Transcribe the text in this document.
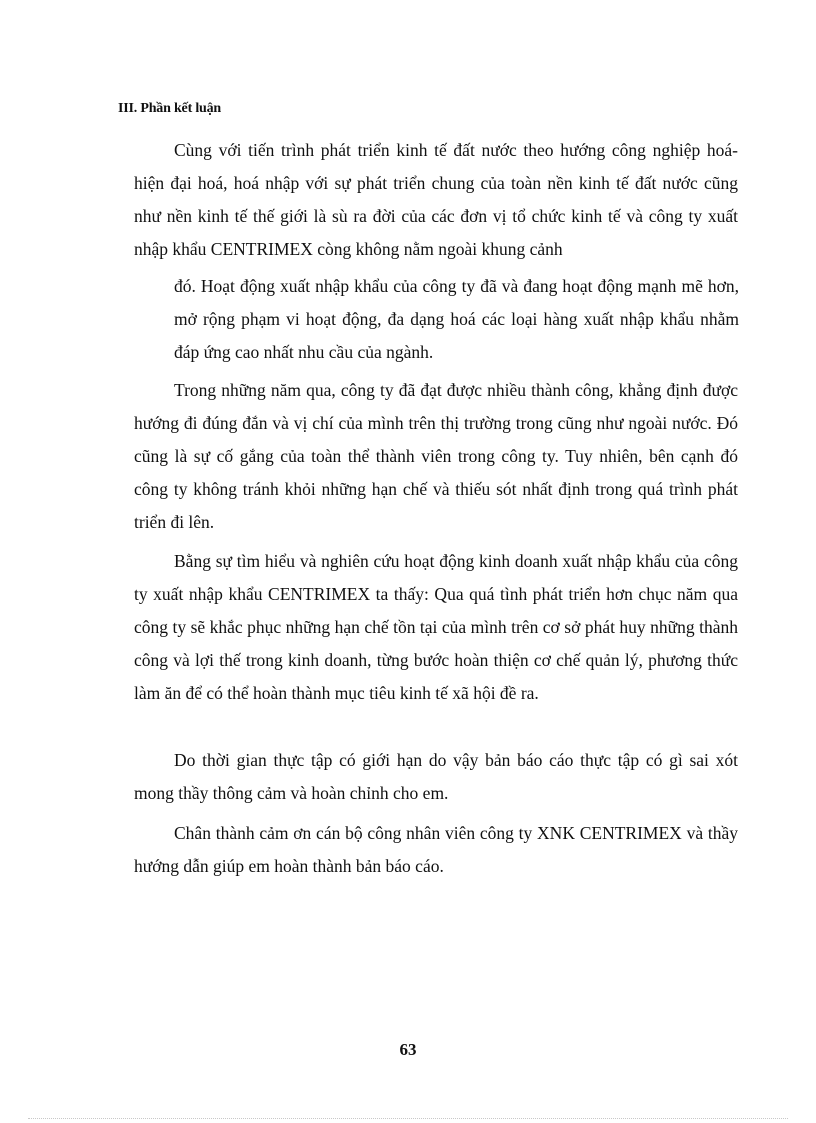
III. Phần kết luận

Cùng với tiến trình phát triển kinh tế đất nước theo hướng công nghiệp hoá- hiện đại hoá, hoá nhập với sự phát triển chung của toàn nền kinh tế đất nước cũng như nền kinh tế thế giới là sù ra đời của các đơn vị tổ chức kinh tế và công ty xuất nhập khẩu CENTRIMEX còng không nằm ngoài khung cảnh

đó. Hoạt động xuất nhập khẩu của công ty đã và đang hoạt động mạnh mẽ hơn, mở rộng phạm vi hoạt động, đa dạng hoá các loại hàng xuất nhập khẩu nhằm đáp ứng cao nhất nhu cầu của ngành.

Trong những năm qua, công ty đã đạt được nhiều thành công, khẳng định được hướng đi đúng đắn và vị chí của mình trên thị trường trong cũng như ngoài nước. Đó cũng là sự cố gắng của toàn thể thành viên trong công ty. Tuy nhiên, bên cạnh đó công ty không tránh khỏi những hạn chế và thiếu sót nhất định trong quá trình phát triển đi lên.

Bằng sự tìm hiểu và nghiên cứu hoạt động kinh doanh xuất nhập khẩu của công ty xuất nhập khẩu CENTRIMEX ta thấy: Qua quá tình phát triển hơn chục năm qua công ty sẽ khắc phục những hạn chế tồn tại của mình trên cơ sở phát huy những thành công và lợi thế trong kinh doanh, từng bước hoàn thiện cơ chế quản lý, phương thức làm ăn để có thể hoàn thành mục tiêu kinh tế xã hội đề ra.

Do thời gian thực tập có giới hạn do vậy bản báo cáo thực tập có gì sai xót mong thầy thông cảm và hoàn chỉnh cho em.

Chân thành cảm ơn cán bộ công nhân viên công ty XNK CENTRIMEX và thầy hướng dẫn giúp em hoàn thành bản báo cáo.

63
